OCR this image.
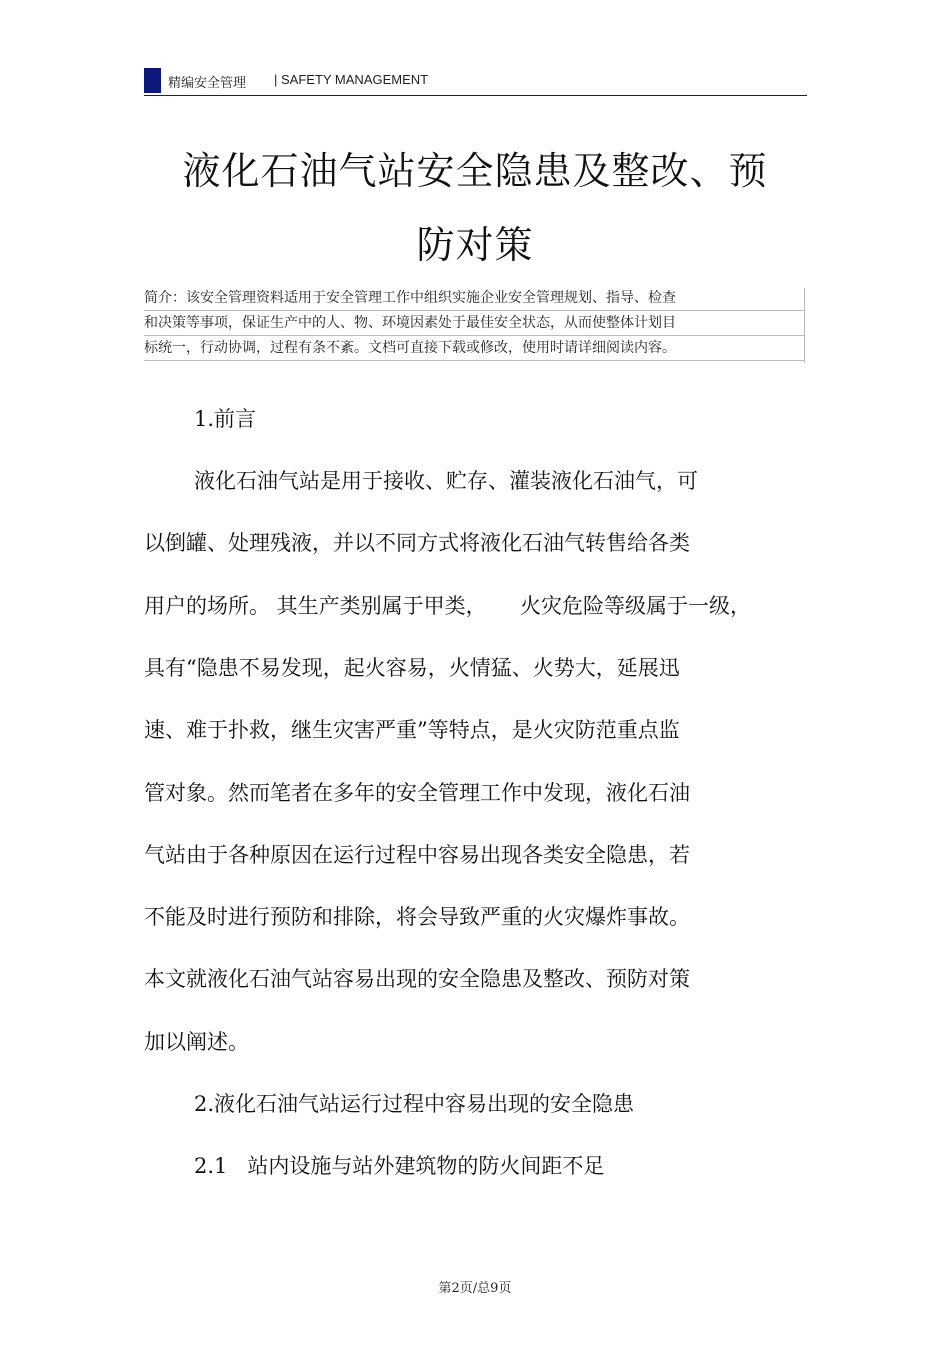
精编安全管理 | SAFETY MANAGEMENT
液化石油气站安全隐患及整改、预
防对策
简介：该安全管理资料适用于安全管理工作中组织实施企业安全管理规划、指导、检查
和决策等事项，保证生产中的人、物、环境因素处于最佳安全状态，从而使整体计划目
标统一，行动协调，过程有条不紊。文档可直接下载或修改，使用时请详细阅读内容。
1.前言
液化石油气站是用于接收、贮存、灌装液化石油气，可
以倒罐、处理残液，并以不同方式将液化石油气转售给各类
用户的场所。 其生产类别属于甲类，     火灾危险等级属于一级，
具有“隐患不易发现，起火容易，火情猛、火势大，延展迅
速、难于扑救，继生灾害严重”等特点，是火灾防范重点监
管对象。然而笔者在多年的安全管理工作中发现，液化石油
气站由于各种原因在运行过程中容易出现各类安全隐患，若
不能及时进行预防和排除，将会导致严重的火灾爆炸事故。
本文就液化石油气站容易出现的安全隐患及整改、预防对策
加以阐述。
2.液化石油气站运行过程中容易出现的安全隐患
2.1   站内设施与站外建筑物的防火间距不足
第2页/总9页
